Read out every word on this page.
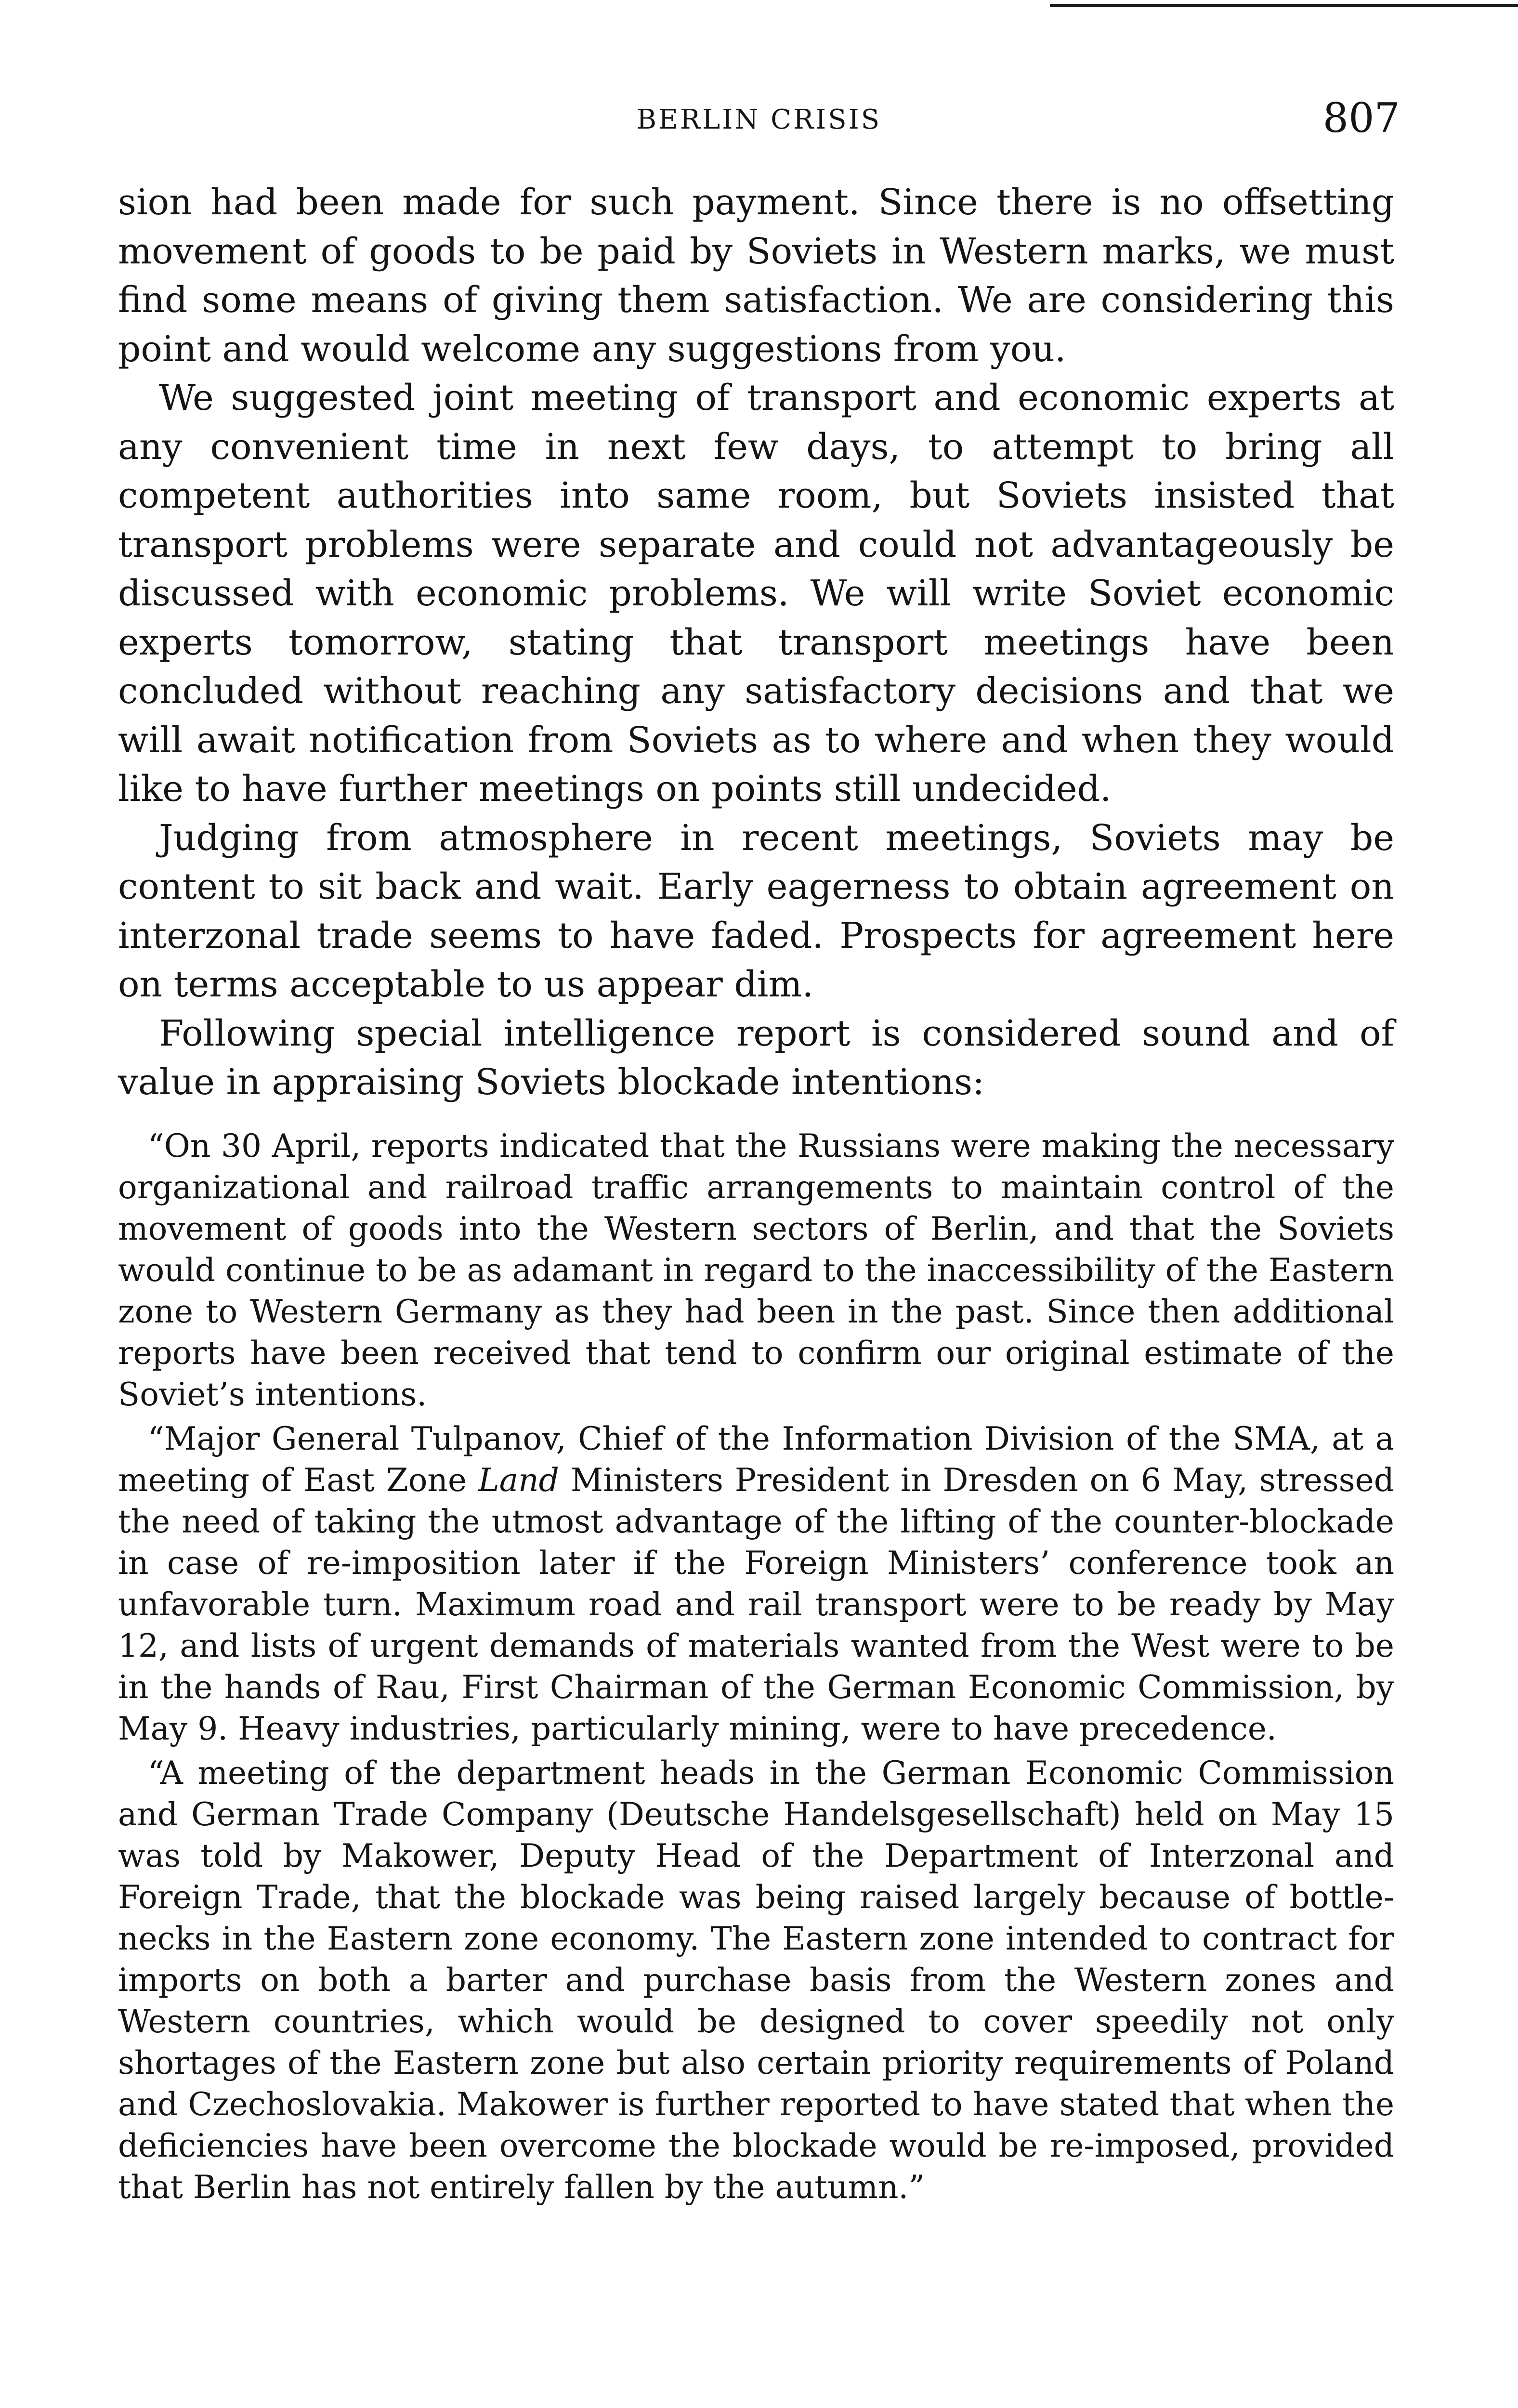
BERLIN CRISIS	807

sion had been made for such payment. Since there is no offsetting movement of goods to be paid by Soviets in Western marks, we must find some means of giving them satisfaction. We are considering this point and would welcome any suggestions from you.

We suggested joint meeting of transport and economic experts at any convenient time in next few days, to attempt to bring all competent authorities into same room, but Soviets insisted that transport problems were separate and could not advantageously be discussed with economic problems. We will write Soviet economic experts tomorrow, stating that transport meetings have been concluded without reaching any satisfactory decisions and that we will await notification from Soviets as to where and when they would like to have further meetings on points still undecided.

Judging from atmosphere in recent meetings, Soviets may be content to sit back and wait. Early eagerness to obtain agreement on interzonal trade seems to have faded. Prospects for agreement here on terms acceptable to us appear dim.

Following special intelligence report is considered sound and of value in appraising Soviets blockade intentions:

“On 30 April, reports indicated that the Russians were making the necessary organizational and railroad traffic arrangements to maintain control of the movement of goods into the Western sectors of Berlin, and that the Soviets would continue to be as adamant in regard to the inaccessibility of the Eastern zone to Western Germany as they had been in the past. Since then additional reports have been received that tend to confirm our original estimate of the Soviet’s intentions.

“Major General Tulpanov, Chief of the Information Division of the SMA, at a meeting of East Zone Land Ministers President in Dresden on 6 May, stressed the need of taking the utmost advantage of the lifting of the counter-blockade in case of re-imposition later if the Foreign Ministers’ conference took an unfavorable turn. Maximum road and rail transport were to be ready by May 12, and lists of urgent demands of materials wanted from the West were to be in the hands of Rau, First Chairman of the German Economic Commission, by May 9. Heavy industries, particularly mining, were to have precedence.

“A meeting of the department heads in the German Economic Commission and German Trade Company (Deutsche Handelsgesellschaft) held on May 15 was told by Makower, Deputy Head of the Department of Interzonal and Foreign Trade, that the blockade was being raised largely because of bottle-necks in the Eastern zone economy. The Eastern zone intended to contract for imports on both a barter and purchase basis from the Western zones and Western countries, which would be designed to cover speedily not only shortages of the Eastern zone but also certain priority requirements of Poland and Czechoslovakia. Makower is further reported to have stated that when the deficiencies have been overcome the blockade would be re-imposed, provided that Berlin has not entirely fallen by the autumn.”
